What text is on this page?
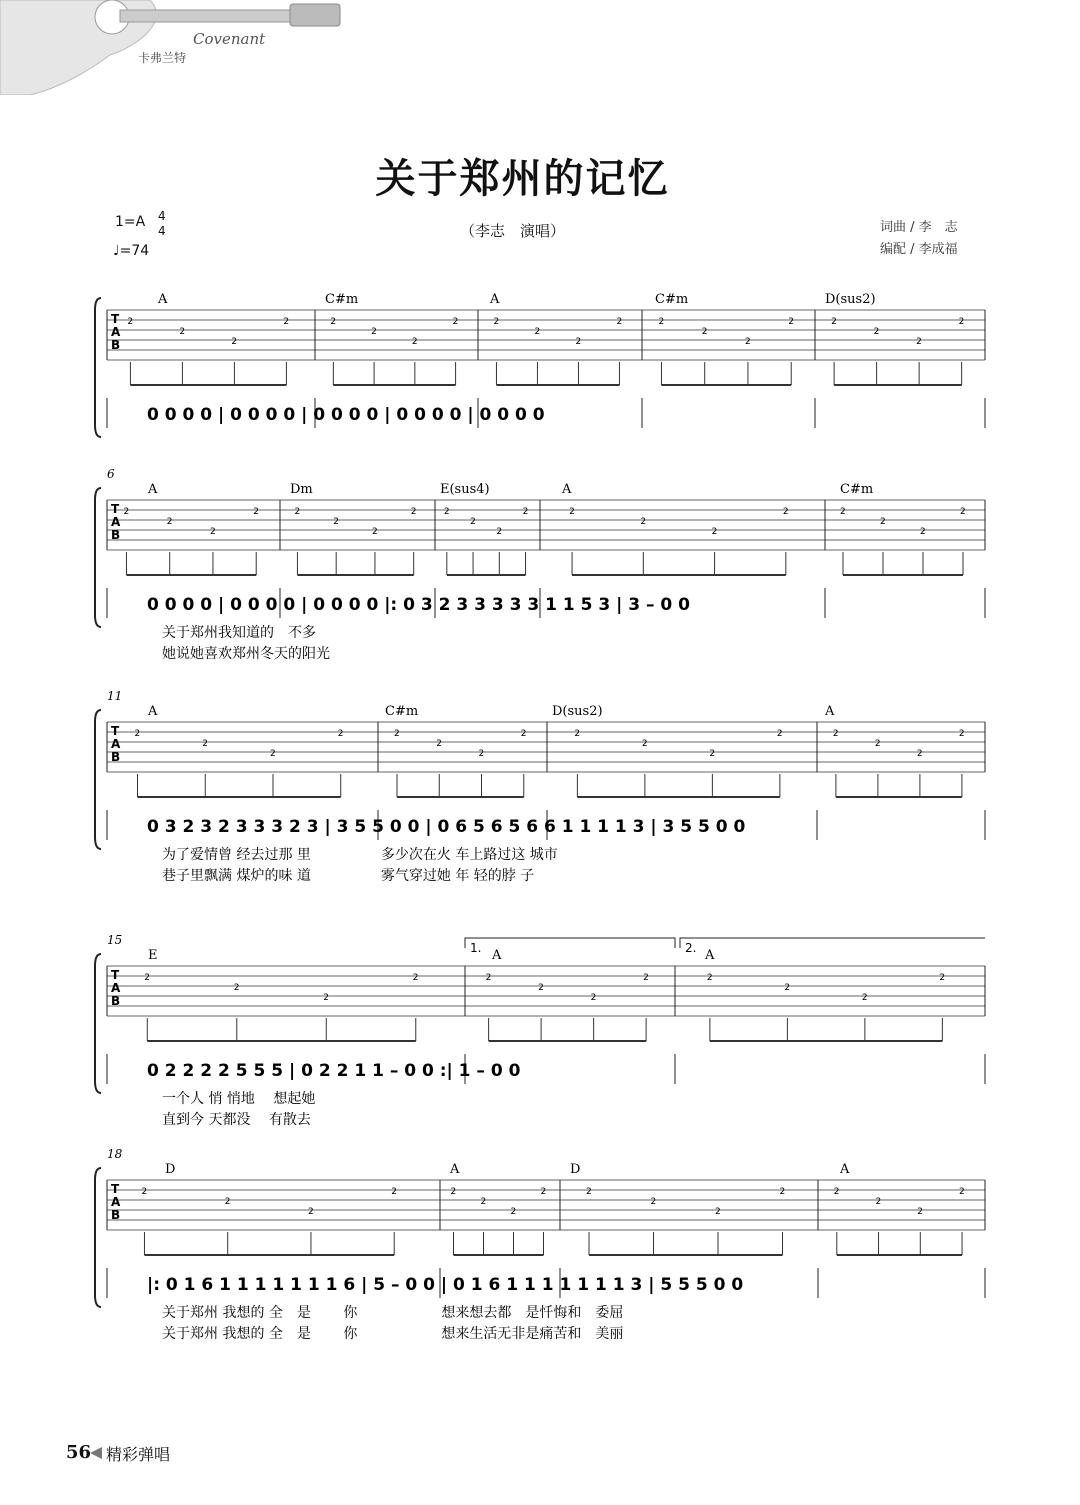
Covenant
卡弗兰特
关于郑州的记忆
（李志　演唱）	词曲 / 李　志
编配 / 李成福
1=A 4
4
♩=74
T
A
B
2
2
2
2	2
2
2
2	2
2
2
2	2
2
2
2	2
2
2
2
A	C#m	A	C#m	D(sus2)
0 0 0 0 | 0 0 0 0 | 0 0 0 0 | 0 0 0 0 | 0 0 0 0
T
A
B
2
2
2
2	2
2
2
2	2
2
2
2	2
2
2
2	2
2
2
2
A	Dm	E(sus4)	A	C#m
6
0 0 0 0 | 0 0 0 0 | 0 0 0 0 |: 0 3 2 3 3 3 3 3 1 1 5 3 | 3 – 0 0
关于郑州我知道的　不多
她说她喜欢郑州冬天的阳光
T
A
B
2
2
2
2	2
2
2
2	2
2
2
2	2
2
2
2
A	C#m	D(sus2)	A
11
0 3 2 3 2 3 3 3 2 3 | 3 5 5 0 0 | 0 6 5 6 5 6 6 1 1 1 1 3 | 3 5 5 0 0
为了爱情曾 经去过那 里　　　　　多少次在火 车上路过这 城市
巷子里飘满 煤炉的味 道　　　　　雾气穿过她 年 轻的脖 子
T
A
B
2
2
2
2	2
2
2
2	2
2
2
2
E	A	A
15
0 2 2 2 2 5 5 5 | 0 2 2 1 1 – 0 0 :| 1 – 0 0
一个人 悄 悄地　 想起她
直到今 天都没　 有散去
1.	2.
T
A
B
2
2
2
2	2
2
2
2	2
2
2
2	2
2
2
2
D	A	D	A
18
|: 0 1 6 1 1 1 1 1 1 1 6 | 5 – 0 0 | 0 1 6 1 1 1 1 1 1 1 3 | 5 5 5 0 0
关于郑州 我想的 全　是　　 你　　　　　　想来想去都　是忏悔和　委屈
关于郑州 我想的 全　是　　 你　　　　　　想来生活无非是痛苦和　美丽
56 精彩弹唱
